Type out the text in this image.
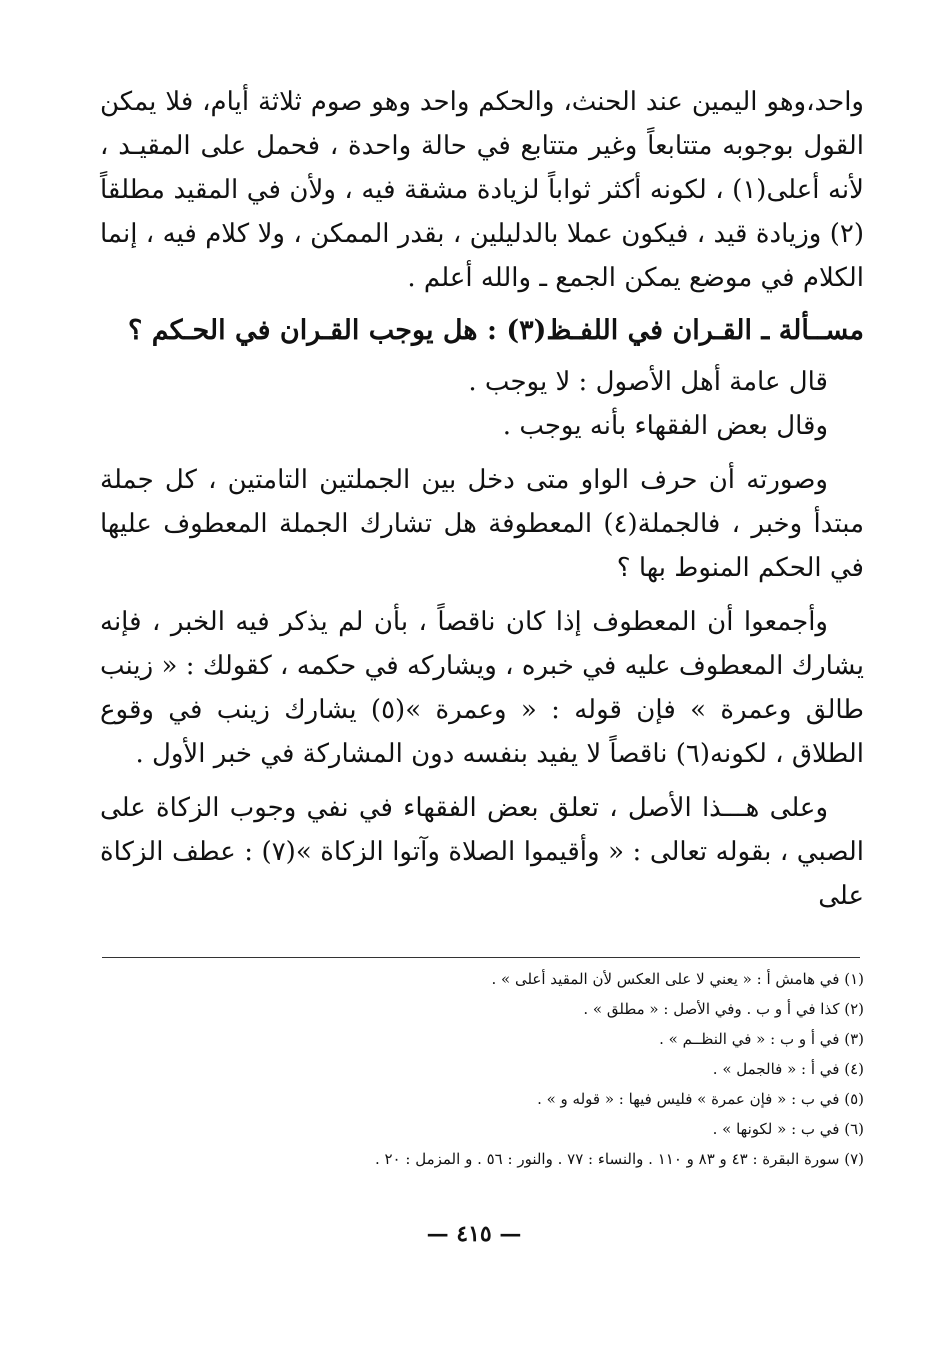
واحد،وهو اليمين عند الحنث، والحكم واحد وهو صوم ثلاثة أيام، فلا يمكن القول بوجوبه متتابعاً وغير متتابع في حالة واحدة ، فحمل على المقيـد ، لأنه أعلى(١) ، لكونه أكثر ثواباً لزيادة مشقة فيه ، ولأن في المقيد مطلقاً (٢) وزيادة قيد ، فيكون عملا بالدليلين ، بقدر الممكن ، ولا كلام فيه ، إنما الكلام في موضع يمكن الجمع ـ والله أعلم .

مســألة ـ القـران في اللفـظ(٣) : هل يوجب القـران في الحـكم ؟

قال عامة أهل الأصول : لا يوجب .

وقال بعض الفقهاء بأنه يوجب .

وصورته أن حرف الواو متى دخل بين الجملتين التامتين ، كل جملة مبتدأ وخبر ، فالجملة(٤) المعطوفة هل تشارك الجملة المعطوف عليها في الحكم المنوط بها ؟

وأجمعوا أن المعطوف إذا كان ناقصاً ، بأن لم يذكر فيه الخبر ، فإنه يشارك المعطوف عليه في خبره ، ويشاركه في حكمه ، كقولك : « زينب طالق وعمرة » فإن قوله : « وعمرة »(٥) يشارك زينب في وقوع الطلاق ، لكونه(٦) ناقصاً لا يفيد بنفسه دون المشاركة في خبر الأول .

وعلى هـــذا الأصل ، تعلق بعض الفقهاء في نفي وجوب الزكاة على الصبي ، بقوله تعالى : « وأقيموا الصلاة وآتوا الزكاة »(٧) : عطف الزكاة على

(١) في هامش أ : « يعني لا على العكس لأن المقيد أعلى » .
(٢) كذا في أ و ب . وفي الأصل : « مطلق » .
(٣) في أ و ب : « في النظــم » .
(٤) في أ : « فالجمل » .
(٥) في ب : « فإن عمرة » فليس فيها : « قوله و » .
(٦) في ب : « لكونها » .
(٧) سورة البقرة : ٤٣ و ٨٣ و ١١٠ . والنساء : ٧٧ . والنور : ٥٦ . و المزمل : ٢٠ .
— ٤١٥ —
